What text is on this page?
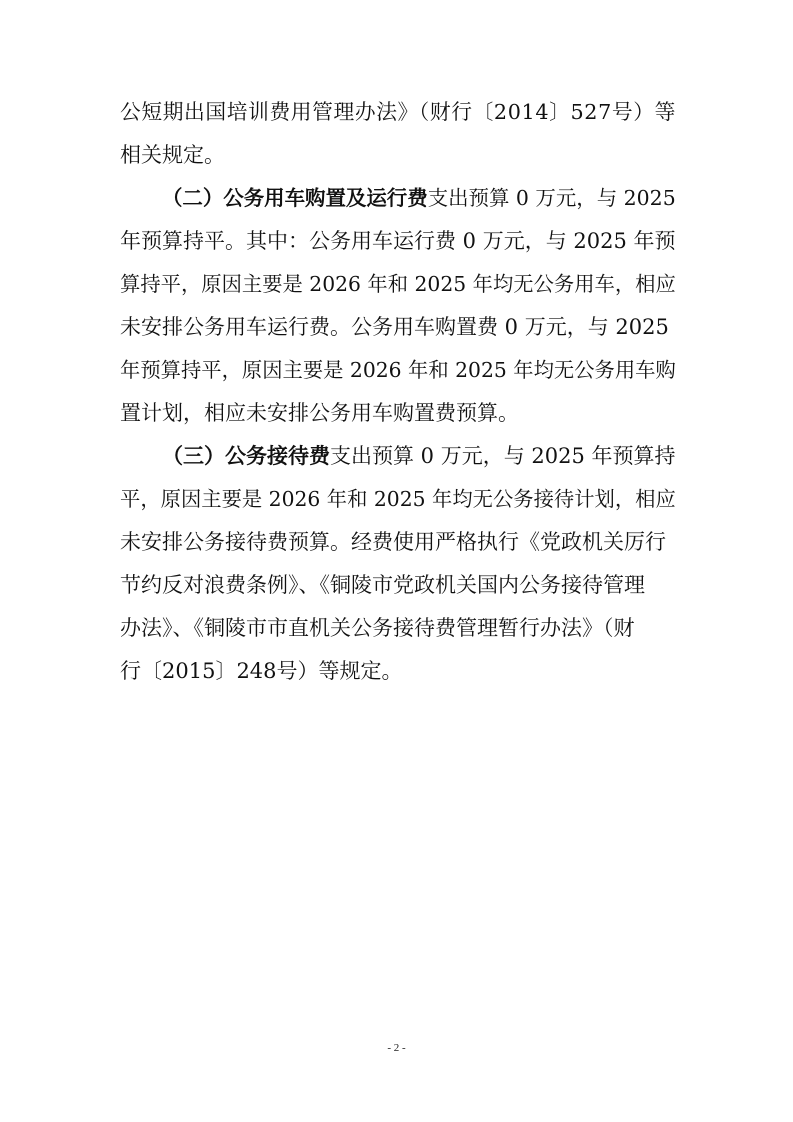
公短期出国培训费用管理办法》（财行〔2014〕527号）等
相关规定。
（二）公务用车购置及运行费支出预算 0 万元，与 2025
年预算持平。其中：公务用车运行费 0 万元，与 2025 年预
算持平，原因主要是 2026 年和 2025 年均无公务用车，相应
未安排公务用车运行费。公务用车购置费 0 万元，与 2025
年预算持平，原因主要是 2026 年和 2025 年均无公务用车购
置计划，相应未安排公务用车购置费预算。
（三）公务接待费支出预算 0 万元，与 2025 年预算持
平，原因主要是 2026 年和 2025 年均无公务接待计划，相应
未安排公务接待费预算。经费使用严格执行《党政机关厉行
节约反对浪费条例》、《铜陵市党政机关国内公务接待管理
办法》、《铜陵市市直机关公务接待费管理暂行办法》（财
行〔2015〕248号）等规定。
- 2 -
